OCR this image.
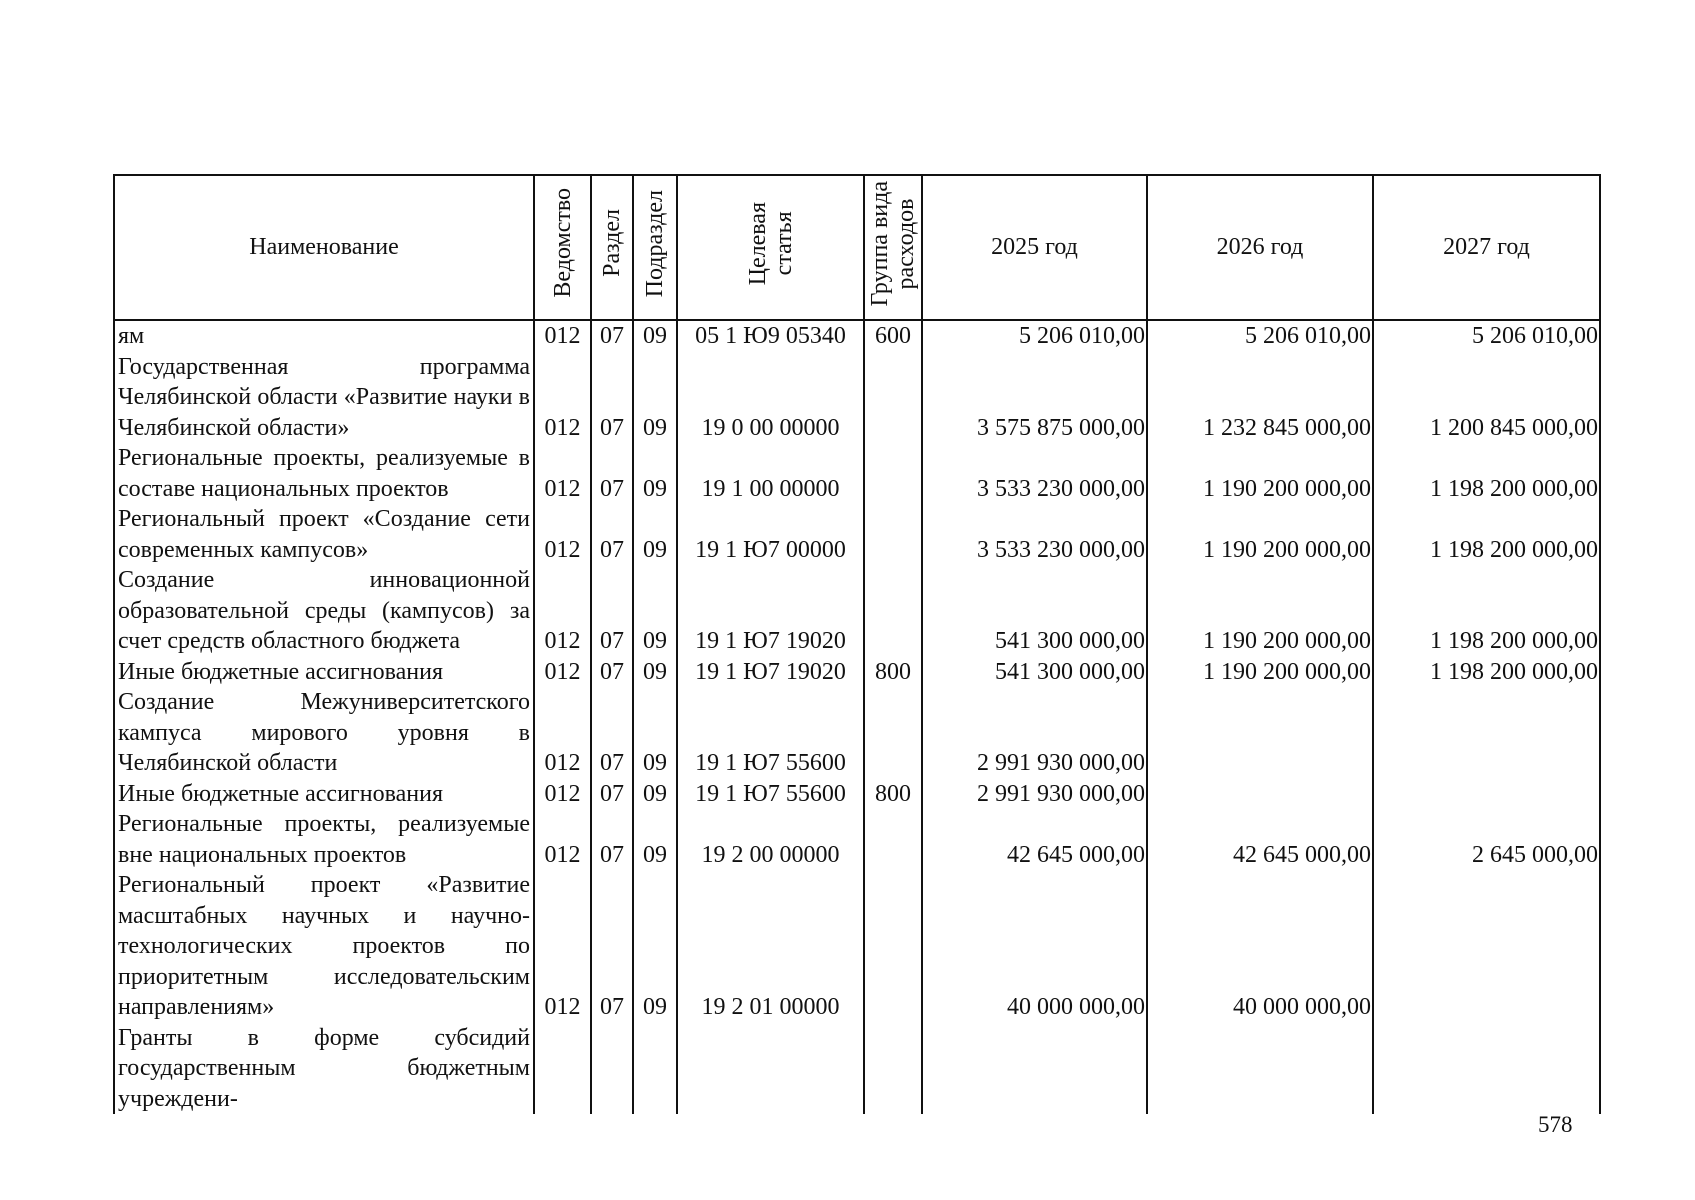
Наименование	Ведомство	Раздел	Подраздел	Целевая
статья	Группа вида
расходов	2025 год	2026 год	2027 год
ям	012	07	09	05 1 Ю9 05340	600	5 206 010,00	5 206 010,00	5 206 010,00
Государственная программа Челябинской области «Развитие науки в Челябинской области»	012	07	09	19 0 00 00000		3 575 875 000,00	1 232 845 000,00	1 200 845 000,00
Региональные проекты, реализуемые в составе национальных проектов	012	07	09	19 1 00 00000		3 533 230 000,00	1 190 200 000,00	1 198 200 000,00
Региональный проект «Создание сети современных кампусов»	012	07	09	19 1 Ю7 00000		3 533 230 000,00	1 190 200 000,00	1 198 200 000,00
Создание инновационной образовательной среды (кампусов) за счет средств областного бюджета	012	07	09	19 1 Ю7 19020		541 300 000,00	1 190 200 000,00	1 198 200 000,00
Иные бюджетные ассигнования	012	07	09	19 1 Ю7 19020	800	541 300 000,00	1 190 200 000,00	1 198 200 000,00
Создание Межуниверситетского кампуса мирового уровня в Челябинской области	012	07	09	19 1 Ю7 55600		2 991 930 000,00		
Иные бюджетные ассигнования	012	07	09	19 1 Ю7 55600	800	2 991 930 000,00		
Региональные проекты, реализуемые вне национальных проектов	012	07	09	19 2 00 00000		42 645 000,00	42 645 000,00	2 645 000,00
Региональный проект «Развитие масштабных научных и научно-технологических проектов по приоритетным исследовательским направлениям»	012	07	09	19 2 01 00000		40 000 000,00	40 000 000,00	
Гранты в форме субсидий государственным бюджетным учреждени-								
578
